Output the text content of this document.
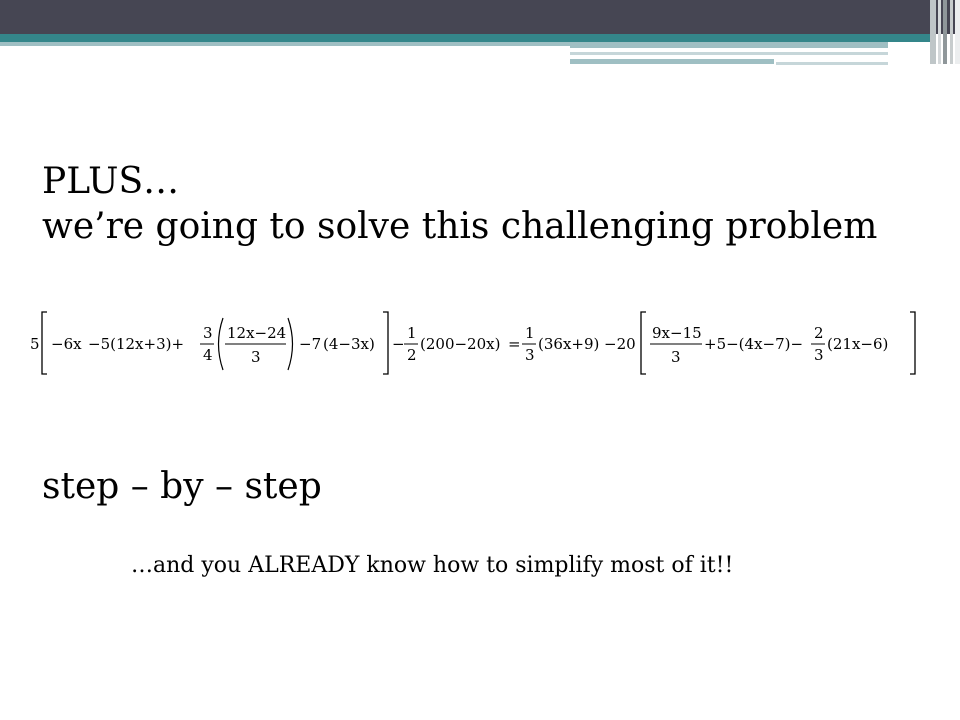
PLUS…
we’re going to solve this challenging problem
5 −6x −5(12x+3)+
3
4
12x−24
3
−7 (4−3x) −
1
2
(200−20x) =
1
3
(36x+9) −20
9x−15
3
+5−(4x−7)−
2
3
(21x−6)
step – by – step
…and you ALREADY know how to simplify most of it!!
